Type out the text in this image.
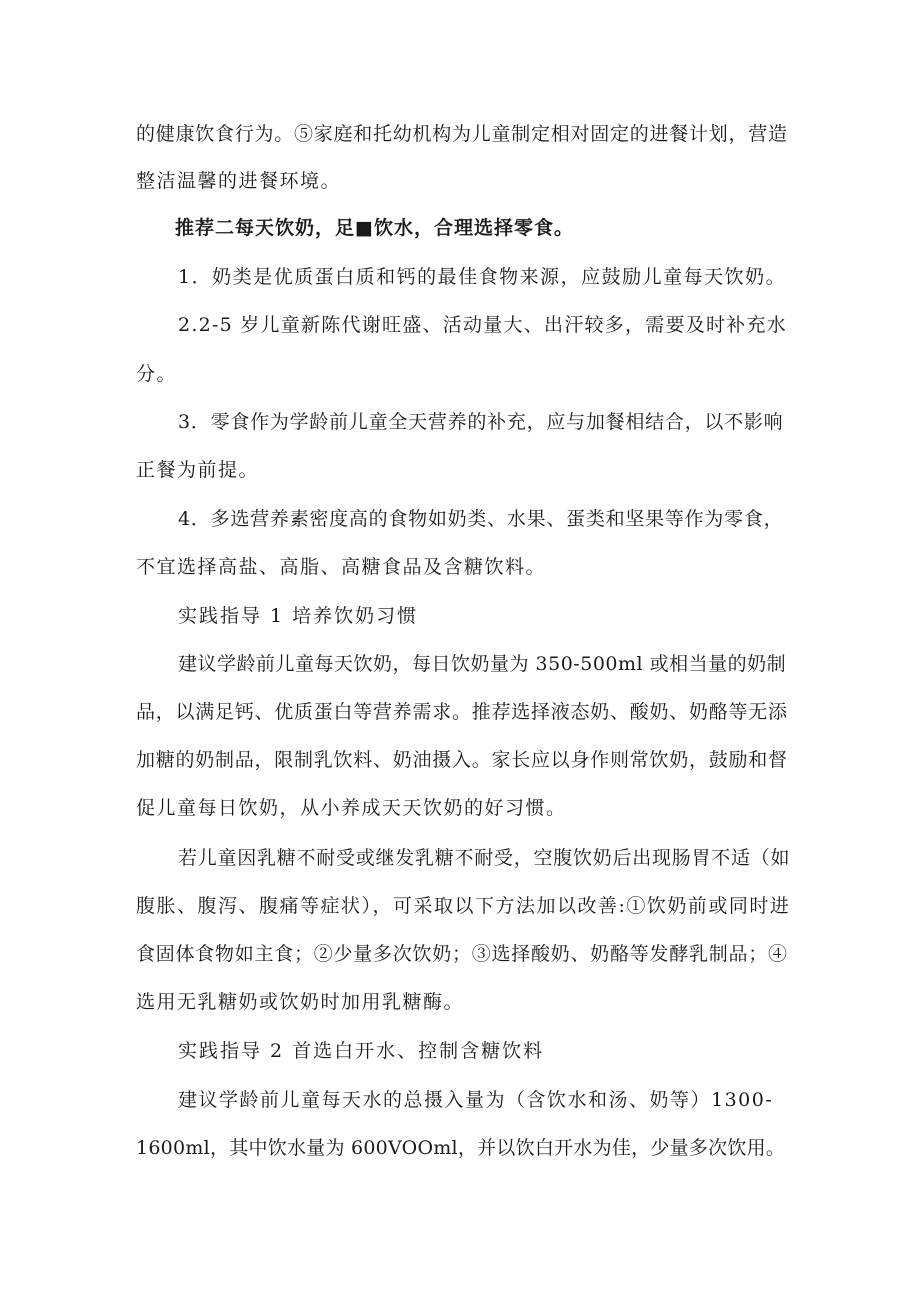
的健康饮食行为。⑤家庭和托幼机构为儿童制定相对固定的进餐计划，营造
整洁温馨的进餐环境。
推荐二每天饮奶，足■饮水，合理选择零食。
1．奶类是优质蛋白质和钙的最佳食物来源，应鼓励儿童每天饮奶。
2.2-5 岁儿童新陈代谢旺盛、活动量大、出汗较多，需要及时补充水
分。
3．零食作为学龄前儿童全天营养的补充，应与加餐相结合，以不影响
正餐为前提。
4．多选营养素密度高的食物如奶类、水果、蛋类和坚果等作为零食，
不宜选择高盐、高脂、高糖食品及含糖饮料。
实践指导 1 培养饮奶习惯
建议学龄前儿童每天饮奶，每日饮奶量为 350-500ml 或相当量的奶制
品，以满足钙、优质蛋白等营养需求。推荐选择液态奶、酸奶、奶酪等无添
加糖的奶制品，限制乳饮料、奶油摄入。家长应以身作则常饮奶，鼓励和督
促儿童每日饮奶，从小养成天天饮奶的好习惯。
若儿童因乳糖不耐受或继发乳糖不耐受，空腹饮奶后出现肠胃不适（如
腹胀、腹泻、腹痛等症状），可采取以下方法加以改善:①饮奶前或同时进
食固体食物如主食；②少量多次饮奶；③选择酸奶、奶酪等发酵乳制品；④
选用无乳糖奶或饮奶时加用乳糖酶。
实践指导 2 首选白开水、控制含糖饮料
建议学龄前儿童每天水的总摄入量为（含饮水和汤、奶等）1300-
1600ml，其中饮水量为 600VOOml，并以饮白开水为佳，少量多次饮用。
